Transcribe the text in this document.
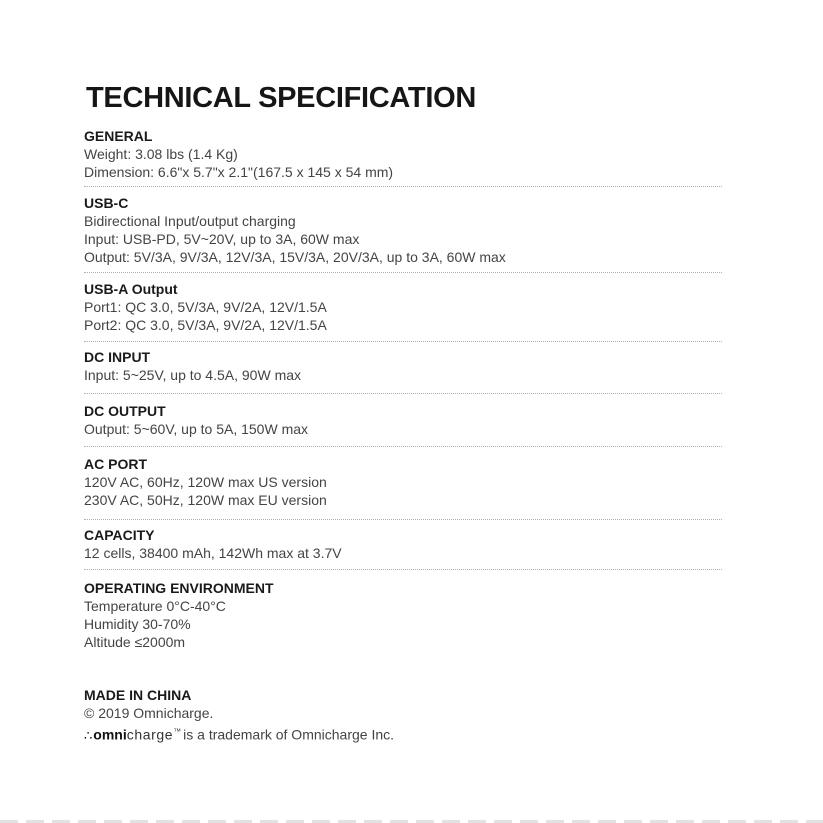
TECHNICAL SPECIFICATION
GENERAL
Weight: 3.08 lbs (1.4 Kg)
Dimension: 6.6"x 5.7"x 2.1"(167.5 x 145 x 54 mm)
USB-C
Bidirectional Input/output charging
Input: USB-PD, 5V~20V, up to 3A, 60W max
Output: 5V/3A, 9V/3A, 12V/3A, 15V/3A, 20V/3A, up to 3A, 60W max
USB-A Output
Port1: QC 3.0, 5V/3A, 9V/2A, 12V/1.5A
Port2: QC 3.0, 5V/3A, 9V/2A, 12V/1.5A
DC INPUT
Input: 5~25V, up to 4.5A, 90W max
DC OUTPUT
Output: 5~60V, up to 5A, 150W max
AC PORT
120V AC, 60Hz, 120W max US version
230V AC, 50Hz, 120W max EU version
CAPACITY
12 cells, 38400 mAh, 142Wh max at 3.7V
OPERATING ENVIRONMENT
Temperature 0°C-40°C
Humidity 30-70%
Altitude ≤2000m
MADE IN CHINA
© 2019 Omnicharge.
∴ omnicharge™ is a trademark of Omnicharge Inc.
